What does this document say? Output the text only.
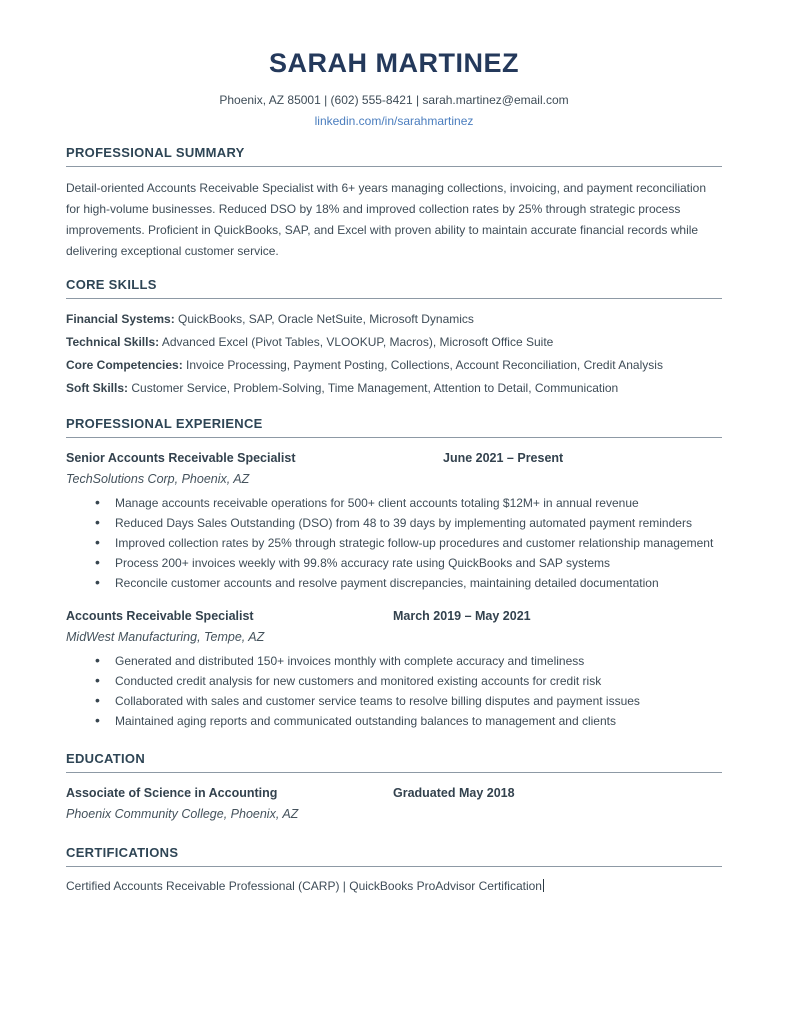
SARAH MARTINEZ
Phoenix, AZ 85001 | (602) 555-8421 | sarah.martinez@email.com
linkedin.com/in/sarahmartinez
PROFESSIONAL SUMMARY

Detail-oriented Accounts Receivable Specialist with 6+ years managing collections, invoicing, and payment reconciliation for high-volume businesses. Reduced DSO by 18% and improved collection rates by 25% through strategic process improvements. Proficient in QuickBooks, SAP, and Excel with proven ability to maintain accurate financial records while delivering exceptional customer service.

CORE SKILLS
Financial Systems: QuickBooks, SAP, Oracle NetSuite, Microsoft Dynamics
Technical Skills: Advanced Excel (Pivot Tables, VLOOKUP, Macros), Microsoft Office Suite
Core Competencies: Invoice Processing, Payment Posting, Collections, Account Reconciliation, Credit Analysis
Soft Skills: Customer Service, Problem-Solving, Time Management, Attention to Detail, Communication
PROFESSIONAL EXPERIENCE
Senior Accounts Receivable Specialist	June 2021 – Present
TechSolutions Corp, Phoenix, AZ
• Manage accounts receivable operations for 500+ client accounts totaling $12M+ in annual revenue
• Reduced Days Sales Outstanding (DSO) from 48 to 39 days by implementing automated payment reminders
• Improved collection rates by 25% through strategic follow-up procedures and customer relationship management
• Process 200+ invoices weekly with 99.8% accuracy rate using QuickBooks and SAP systems
• Reconcile customer accounts and resolve payment discrepancies, maintaining detailed documentation
Accounts Receivable Specialist	March 2019 – May 2021
MidWest Manufacturing, Tempe, AZ
• Generated and distributed 150+ invoices monthly with complete accuracy and timeliness
• Conducted credit analysis for new customers and monitored existing accounts for credit risk
• Collaborated with sales and customer service teams to resolve billing disputes and payment issues
• Maintained aging reports and communicated outstanding balances to management and clients
EDUCATION
Associate of Science in Accounting	Graduated May 2018
Phoenix Community College, Phoenix, AZ
CERTIFICATIONS

Certified Accounts Receivable Professional (CARP) | QuickBooks ProAdvisor Certification
